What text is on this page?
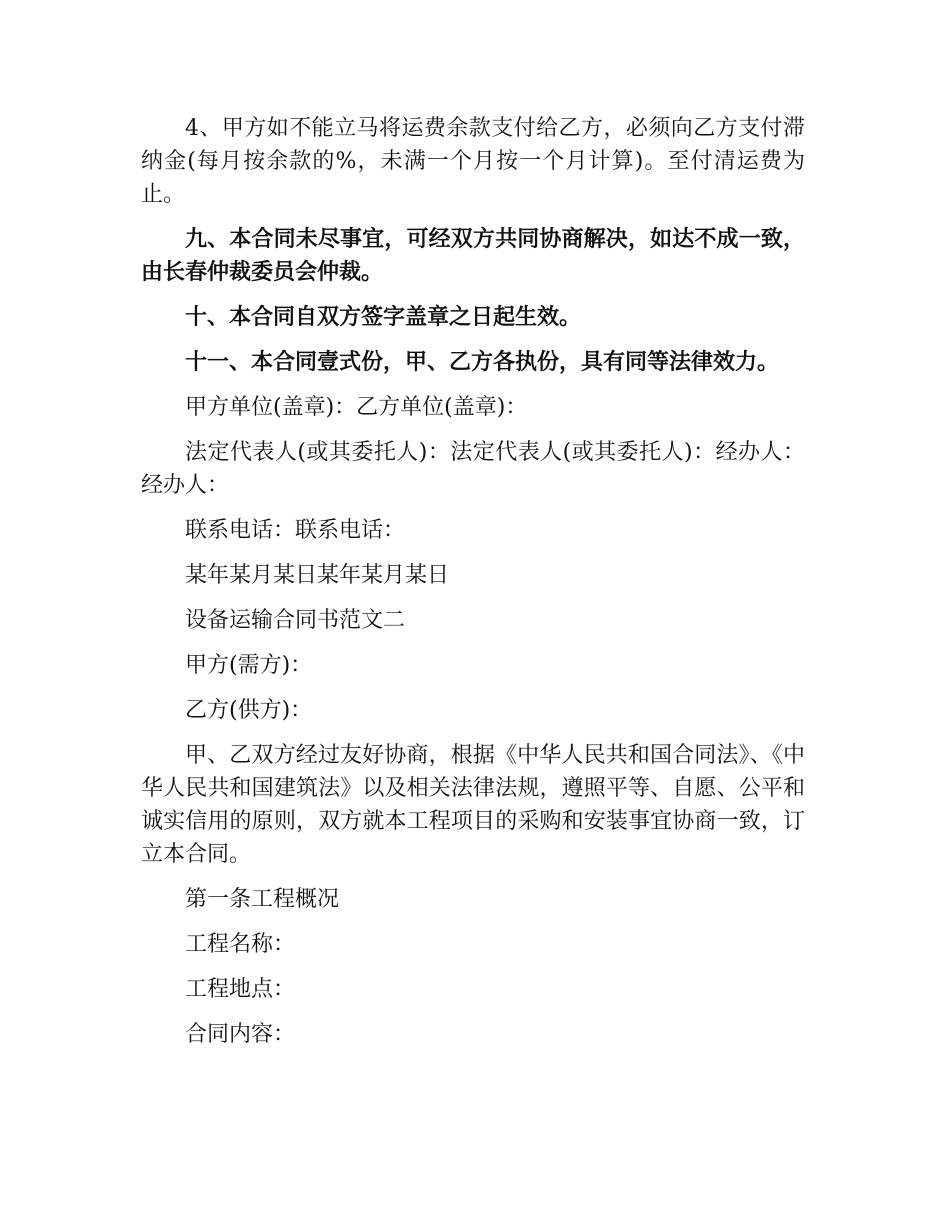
4、甲方如不能立马将运费余款支付给乙方，必须向乙方支付滞纳金(每月按余款的%，未满一个月按一个月计算)。至付清运费为止。

九、本合同未尽事宜，可经双方共同协商解决，如达不成一致，由长春仲裁委员会仲裁。

十、本合同自双方签字盖章之日起生效。

十一、本合同壹式份，甲、乙方各执份，具有同等法律效力。

甲方单位(盖章)：乙方单位(盖章)：

法定代表人(或其委托人)：法定代表人(或其委托人)：经办人：经办人：

联系电话：联系电话：

某年某月某日某年某月某日

设备运输合同书范文二

甲方(需方)：

乙方(供方)：

甲、乙双方经过友好协商，根据《中华人民共和国合同法》、《中华人民共和国建筑法》以及相关法律法规，遵照平等、自愿、公平和诚实信用的原则，双方就本工程项目的采购和安装事宜协商一致，订立本合同。

第一条工程概况

工程名称：

工程地点：

合同内容：
